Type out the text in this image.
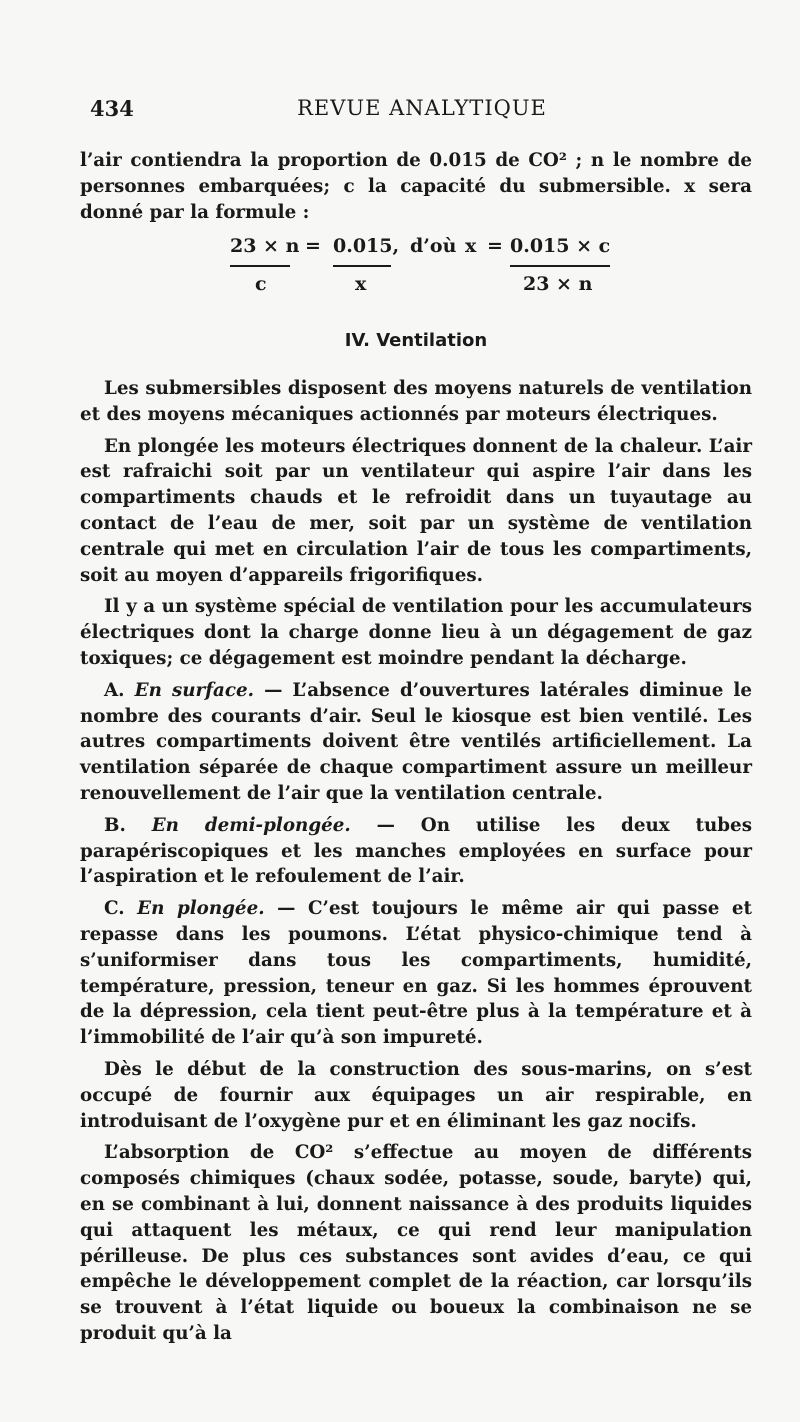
434	REVUE ANALYTIQUE

l’air contiendra la proportion de 0.015 de CO² ; n le nombre de personnes embarquées; c la capacité du submersible. x sera donné par la formule :

23 × n
c
= 0.015,
x
d’où x = 0.015 × c
23 × n
IV. Ventilation

Les submersibles disposent des moyens naturels de ventilation et des moyens mécaniques actionnés par moteurs électriques.

En plongée les moteurs électriques donnent de la chaleur. L’air est rafraichi soit par un ventilateur qui aspire l’air dans les compartiments chauds et le refroidit dans un tuyautage au contact de l’eau de mer, soit par un système de ventilation centrale qui met en circulation l’air de tous les compartiments, soit au moyen d’appareils frigorifiques.

Il y a un système spécial de ventilation pour les accumulateurs électriques dont la charge donne lieu à un dégagement de gaz toxiques; ce dégagement est moindre pendant la décharge.

A. En surface. — L’absence d’ouvertures latérales diminue le nombre des courants d’air. Seul le kiosque est bien ventilé. Les autres compartiments doivent être ventilés artificiellement. La ventilation séparée de chaque compartiment assure un meilleur renouvellement de l’air que la ventilation centrale.

B. En demi-plongée. — On utilise les deux tubes parapériscopiques et les manches employées en surface pour l’aspiration et le refoulement de l’air.

C. En plongée. — C’est toujours le même air qui passe et repasse dans les poumons. L’état physico-chimique tend à s’uniformiser dans tous les compartiments, humidité, température, pression, teneur en gaz. Si les hommes éprouvent de la dépression, cela tient peut-être plus à la température et à l’immobilité de l’air qu’à son impureté.

Dès le début de la construction des sous-marins, on s’est occupé de fournir aux équipages un air respirable, en introduisant de l’oxygène pur et en éliminant les gaz nocifs.

L’absorption de CO² s’effectue au moyen de différents composés chimiques (chaux sodée, potasse, soude, baryte) qui, en se combinant à lui, donnent naissance à des produits liquides qui attaquent les métaux, ce qui rend leur manipulation périlleuse. De plus ces substances sont avides d’eau, ce qui empêche le développement complet de la réaction, car lorsqu’ils se trouvent à l’état liquide ou boueux la combinaison ne se produit qu’à la
